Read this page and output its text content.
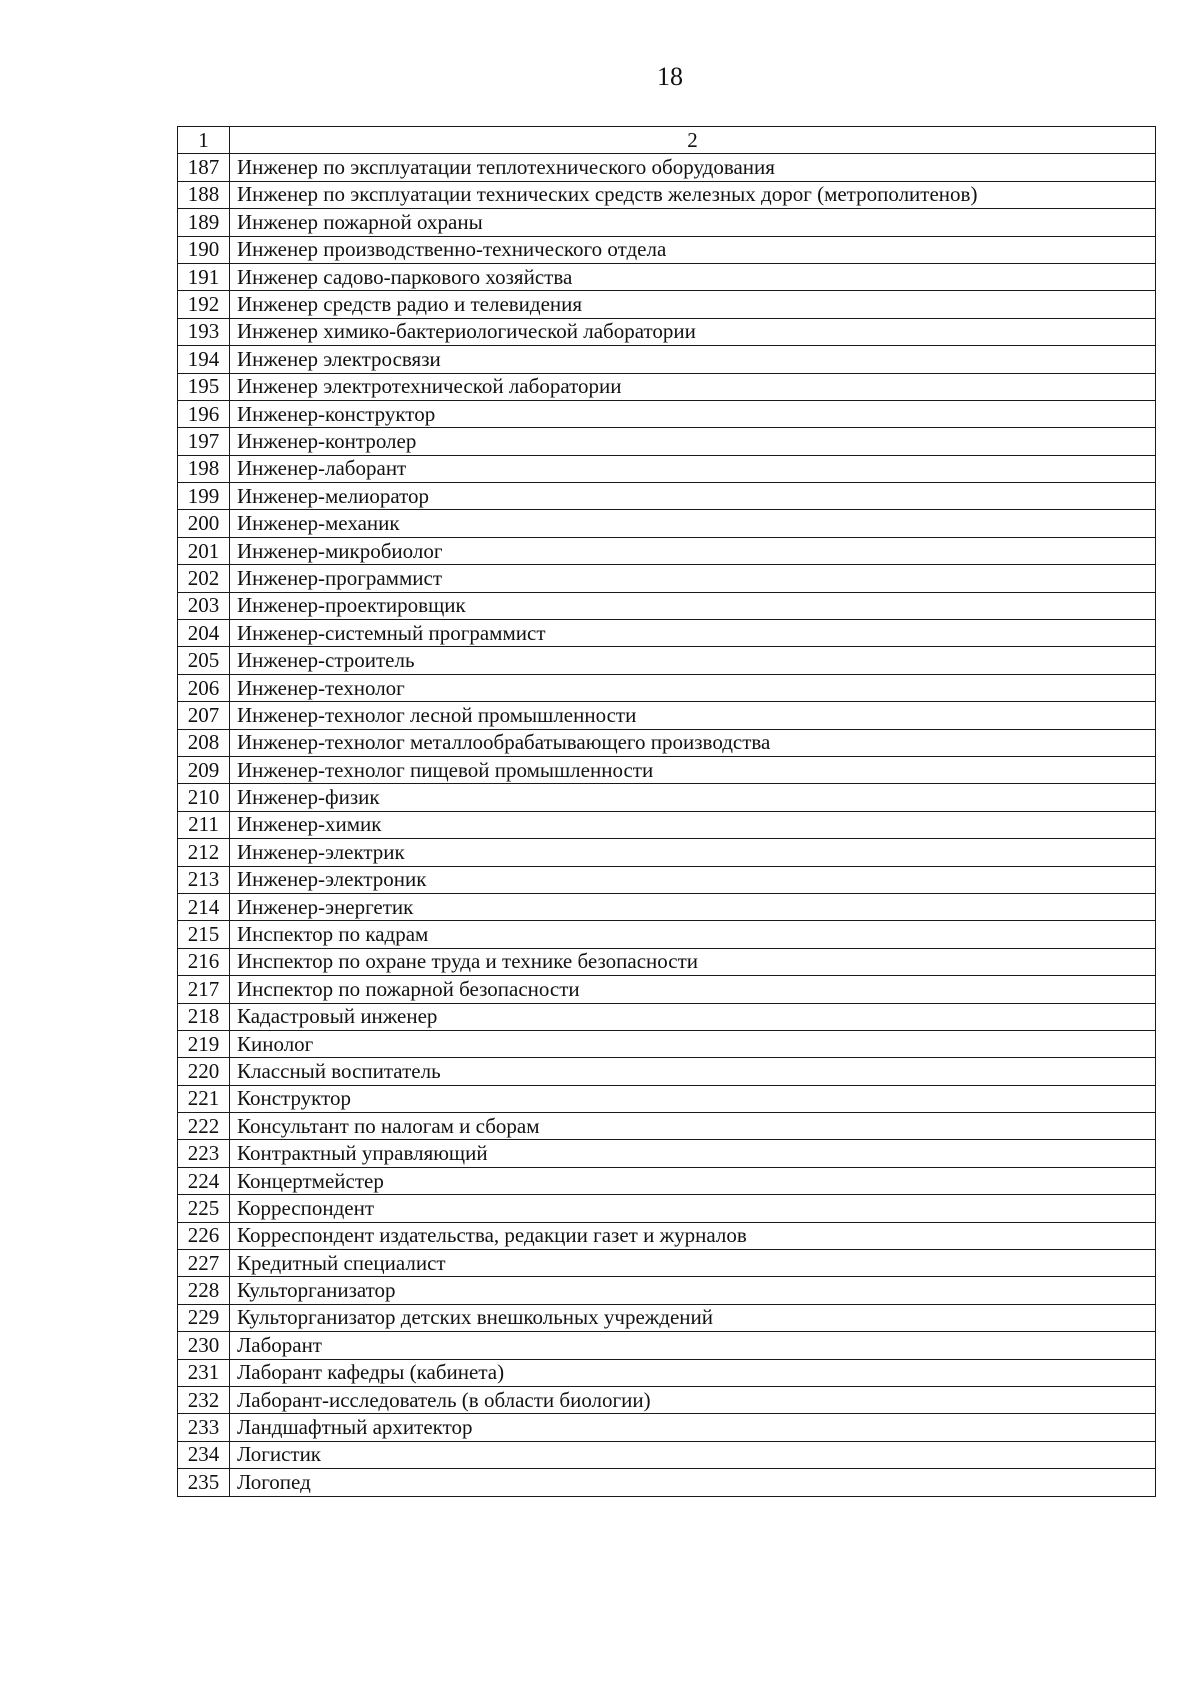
18
1	2
187	Инженер по эксплуатации теплотехнического оборудования
188	Инженер по эксплуатации технических средств железных дорог (метрополитенов)
189	Инженер пожарной охраны
190	Инженер производственно-технического отдела
191	Инженер садово-паркового хозяйства
192	Инженер средств радио и телевидения
193	Инженер химико-бактериологической лаборатории
194	Инженер электросвязи
195	Инженер электротехнической лаборатории
196	Инженер-конструктор
197	Инженер-контролер
198	Инженер-лаборант
199	Инженер-мелиоратор
200	Инженер-механик
201	Инженер-микробиолог
202	Инженер-программист
203	Инженер-проектировщик
204	Инженер-системный программист
205	Инженер-строитель
206	Инженер-технолог
207	Инженер-технолог лесной промышленности
208	Инженер-технолог металлообрабатывающего производства
209	Инженер-технолог пищевой промышленности
210	Инженер-физик
211	Инженер-химик
212	Инженер-электрик
213	Инженер-электроник
214	Инженер-энергетик
215	Инспектор по кадрам
216	Инспектор по охране труда и технике безопасности
217	Инспектор по пожарной безопасности
218	Кадастровый инженер
219	Кинолог
220	Классный воспитатель
221	Конструктор
222	Консультант по налогам и сборам
223	Контрактный управляющий
224	Концертмейстер
225	Корреспондент
226	Корреспондент издательства, редакции газет и журналов
227	Кредитный специалист
228	Культорганизатор
229	Культорганизатор детских внешкольных учреждений
230	Лаборант
231	Лаборант кафедры (кабинета)
232	Лаборант-исследователь (в области биологии)
233	Ландшафтный архитектор
234	Логистик
235	Логопед
